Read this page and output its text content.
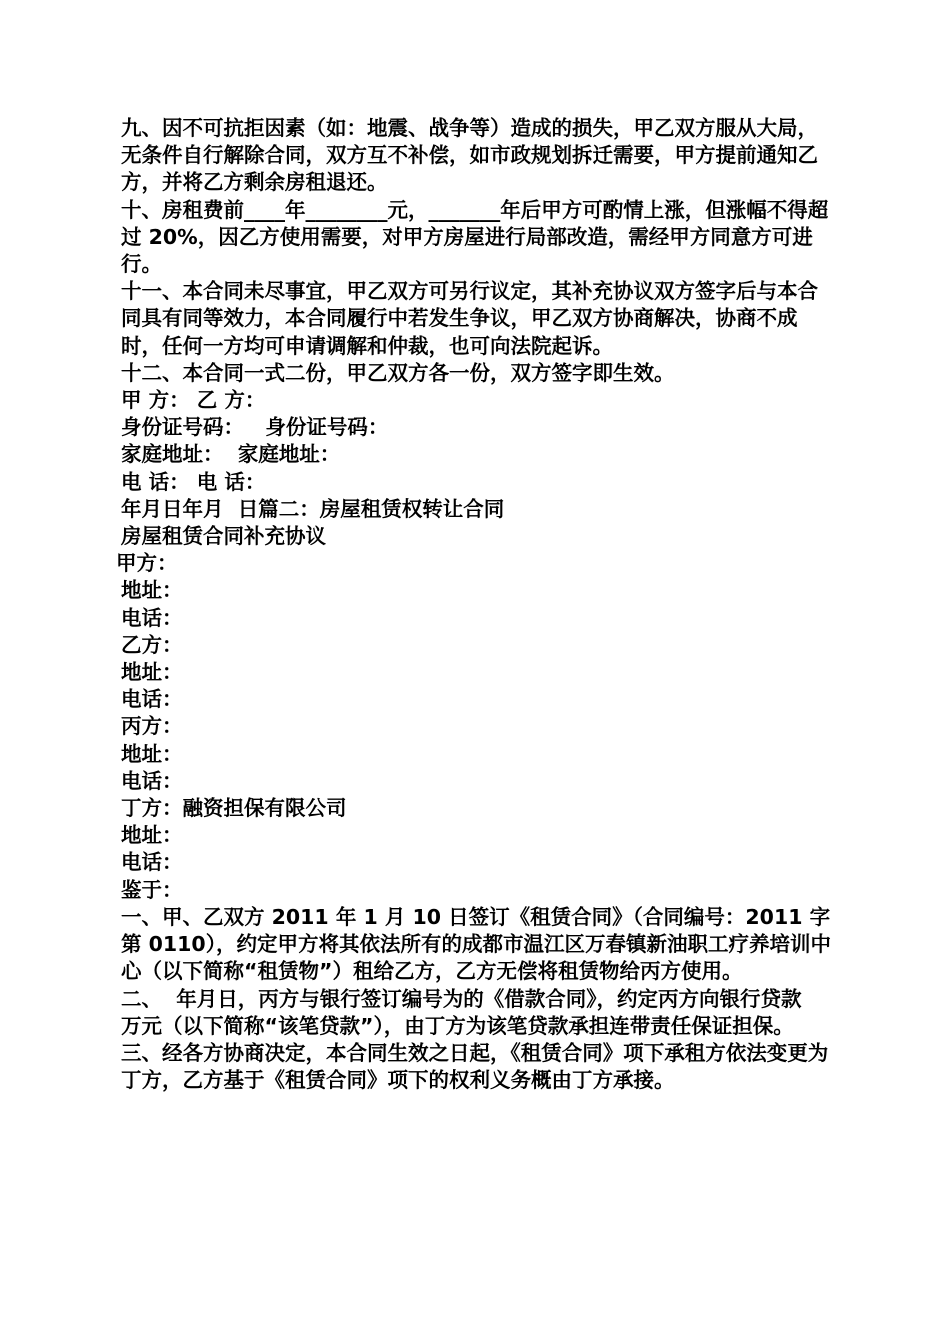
九、因不可抗拒因素（如：地震、战争等）造成的损失，甲乙双方服从大局，无条件自行解除合同，双方互不补偿，如市政规划拆迁需要，甲方提前通知乙方，并将乙方剩余房租退还。

十、房租费前____年________元，_______年后甲方可酌情上涨，但涨幅不得超过 20%，因乙方使用需要，对甲方房屋进行局部改造，需经甲方同意方可进行。

十一、本合同未尽事宜，甲乙双方可另行议定，其补充协议双方签字后与本合同具有同等效力，本合同履行中若发生争议，甲乙双方协商解决，协商不成时，任何一方均可申请调解和仲裁，也可向法院起诉。

十二、本合同一式二份，甲乙双方各一份，双方签字即生效。

甲 方： 乙 方：

身份证号码：   身份证号码：

家庭地址：  家庭地址：

电 话： 电 话：

年月日年月  日篇二：房屋租赁权转让合同

房屋租赁合同补充协议

甲方：

地址：

电话：

乙方：

地址：

电话：

丙方：

地址：

电话：

丁方：融资担保有限公司

地址：

电话：

鉴于：

一、甲、乙双方 2011 年 1 月 10 日签订《租赁合同》（合同编号：2011 字第 0110），约定甲方将其依法所有的成都市温江区万春镇新油职工疗养培训中心（以下简称“租赁物”）租给乙方，乙方无偿将租赁物给丙方使用。

二、  年月日，丙方与银行签订编号为的《借款合同》，约定丙方向银行贷款  万元（以下简称“该笔贷款”），由丁方为该笔贷款承担连带责任保证担保。

三、经各方协商决定，本合同生效之日起，《租赁合同》项下承租方依法变更为丁方，乙方基于《租赁合同》项下的权利义务概由丁方承接。
